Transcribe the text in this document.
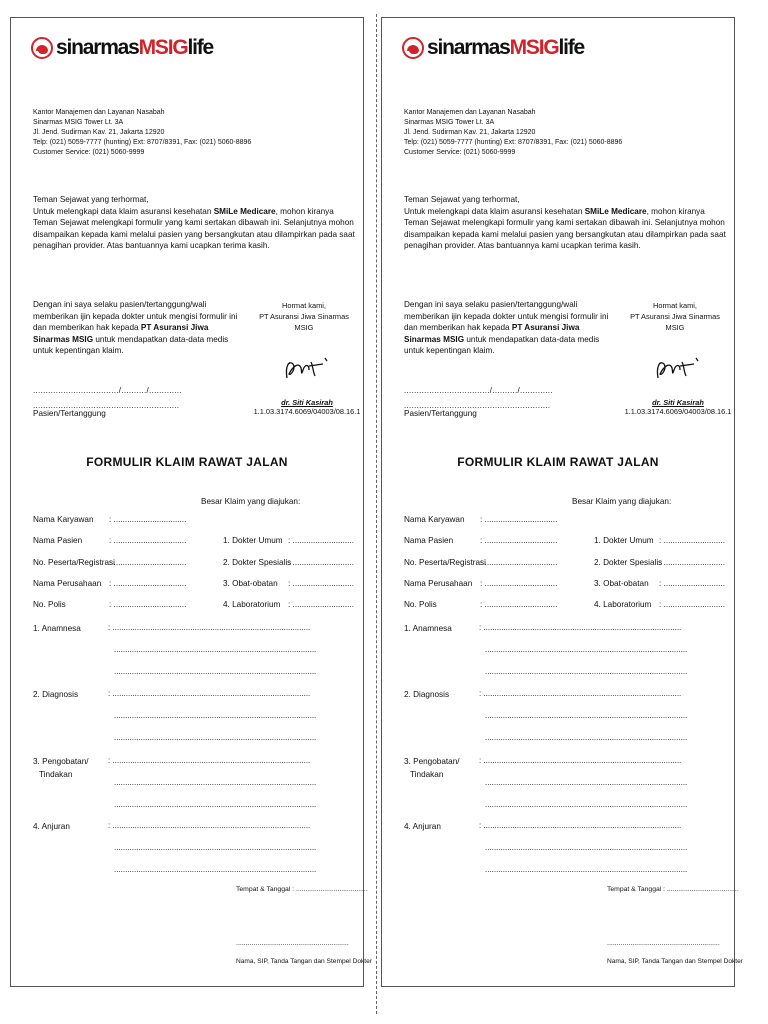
sinarmasMSIGlife
Kantor Manajemen dan Layanan Nasabah
Sinarmas MSIG Tower Lt. 3A
Jl. Jend. Sudirman Kav. 21, Jakarta 12920
Telp: (021) 5059-7777 (hunting) Ext: 8707/8391, Fax: (021) 5060-8896
Customer Service: (021) 5060-9999

Teman Sejawat yang terhormat,

Untuk melengkapi data klaim asuransi kesehatan SMiLe Medicare, mohon kiranya Teman Sejawat melengkapi formulir yang kami sertakan dibawah ini. Selanjutnya mohon disampaikan kepada kami melalui pasien yang bersangkutan atau dilampirkan pada saat penagihan provider. Atas bantuannya kami ucapkan terima kasih.

Dengan ini saya selaku pasien/tertanggung/wali memberikan ijin kepada dokter untuk mengisi formulir ini dan memberikan hak kepada PT Asuransi Jiwa Sinarmas MSIG untuk mendapatkan data-data medis untuk kepentingan klaim.
................................../........../.............
..........................................................
Pasien/Tertanggung
Hormat kami,
PT Asuransi Jiwa Sinarmas MSIG
dr. Siti Kasirah
1.1.03.3174.6069/04003/08.16.1
FORMULIR KLAIM RAWAT JALAN
Nama Karyawan : ................................
Nama Pasien	: ................................
No. Peserta/Registrasi: ................................
Nama Perusahaan : ................................
No. Polis	: ................................
Besar Klaim yang diajukan:
1. Dokter Umum : ...........................
2. Dokter Spesialis: ...........................
3. Obat-obatan : ...........................
4. Laboratorium : ...........................
1. Anamnesa	: .........................................................................................
...........................................................................................
...........................................................................................
2. Diagnosis	: .........................................................................................
...........................................................................................
...........................................................................................
3. Pengobatan/
Tindakan
: .........................................................................................
...........................................................................................
...........................................................................................
4. Anjuran	: .........................................................................................
...........................................................................................
...........................................................................................
Tempat & Tanggal : ......................................
..........................................................
Nama, SIP, Tanda Tangan dan Stempel Dokter
sinarmasMSIGlife
Kantor Manajemen dan Layanan Nasabah
Sinarmas MSIG Tower Lt. 3A
Jl. Jend. Sudirman Kav. 21, Jakarta 12920
Telp: (021) 5059-7777 (hunting) Ext: 8707/8391, Fax: (021) 5060-8896
Customer Service: (021) 5060-9999

Teman Sejawat yang terhormat,

Untuk melengkapi data klaim asuransi kesehatan SMiLe Medicare, mohon kiranya Teman Sejawat melengkapi formulir yang kami sertakan dibawah ini. Selanjutnya mohon disampaikan kepada kami melalui pasien yang bersangkutan atau dilampirkan pada saat penagihan provider. Atas bantuannya kami ucapkan terima kasih.

Dengan ini saya selaku pasien/tertanggung/wali memberikan ijin kepada dokter untuk mengisi formulir ini dan memberikan hak kepada PT Asuransi Jiwa Sinarmas MSIG untuk mendapatkan data-data medis untuk kepentingan klaim.
................................../........../.............
..........................................................
Pasien/Tertanggung
Hormat kami,
PT Asuransi Jiwa Sinarmas MSIG
dr. Siti Kasirah
1.1.03.3174.6069/04003/08.16.1
FORMULIR KLAIM RAWAT JALAN
Nama Karyawan : ................................
Nama Pasien	: ................................
No. Peserta/Registrasi: ................................
Nama Perusahaan : ................................
No. Polis	: ................................
Besar Klaim yang diajukan:
1. Dokter Umum : ...........................
2. Dokter Spesialis: ...........................
3. Obat-obatan : ...........................
4. Laboratorium : ...........................
1. Anamnesa	: .........................................................................................
...........................................................................................
...........................................................................................
2. Diagnosis	: .........................................................................................
...........................................................................................
...........................................................................................
3. Pengobatan/
Tindakan
: .........................................................................................
...........................................................................................
...........................................................................................
4. Anjuran	: .........................................................................................
...........................................................................................
...........................................................................................
Tempat & Tanggal : ......................................
..........................................................
Nama, SIP, Tanda Tangan dan Stempel Dokter
